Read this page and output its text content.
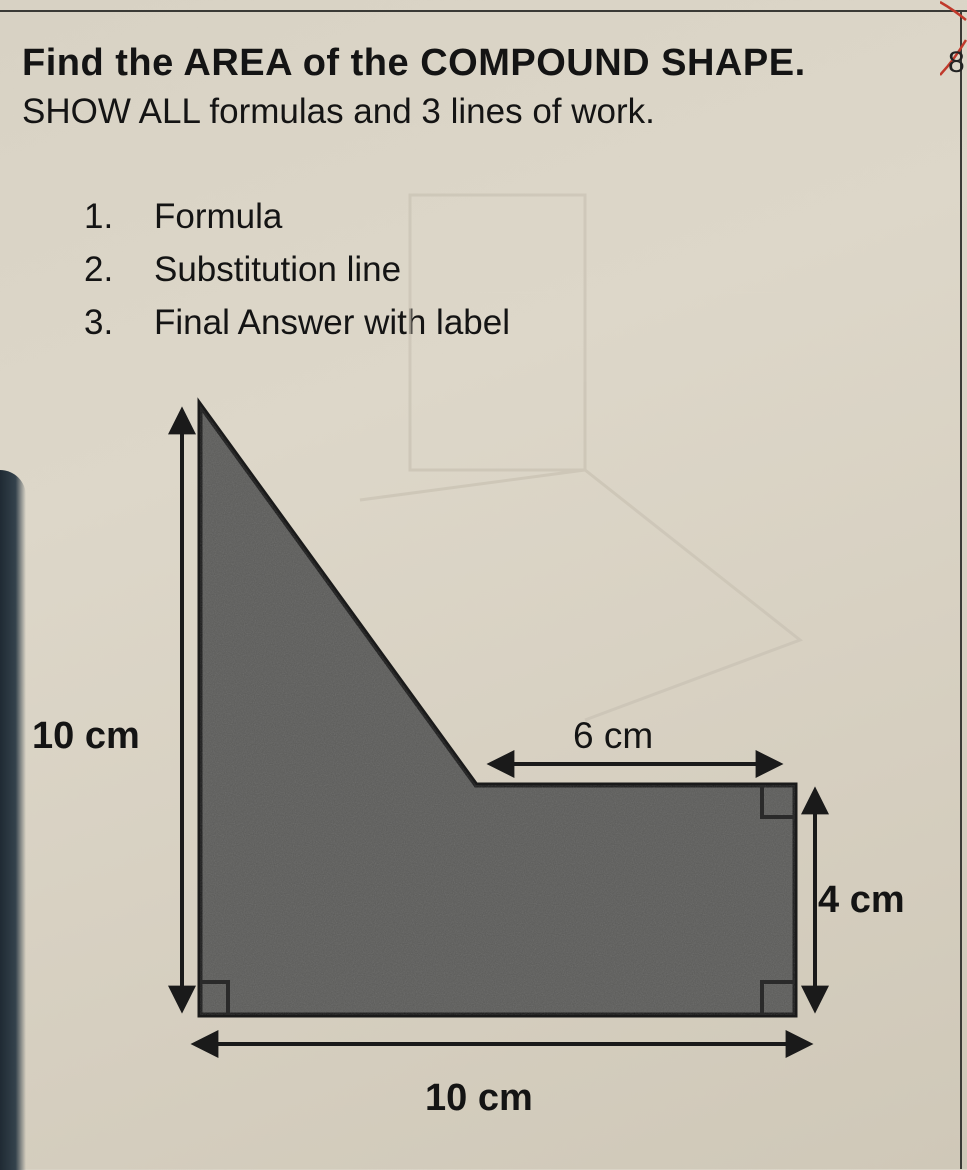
8
Find the AREA of the COMPOUND SHAPE.

SHOW ALL formulas and 3 lines of work.

1. Formula
2. Substitution line
3. Final Answer with label
10 cm	6 cm
4 cm
10 cm
